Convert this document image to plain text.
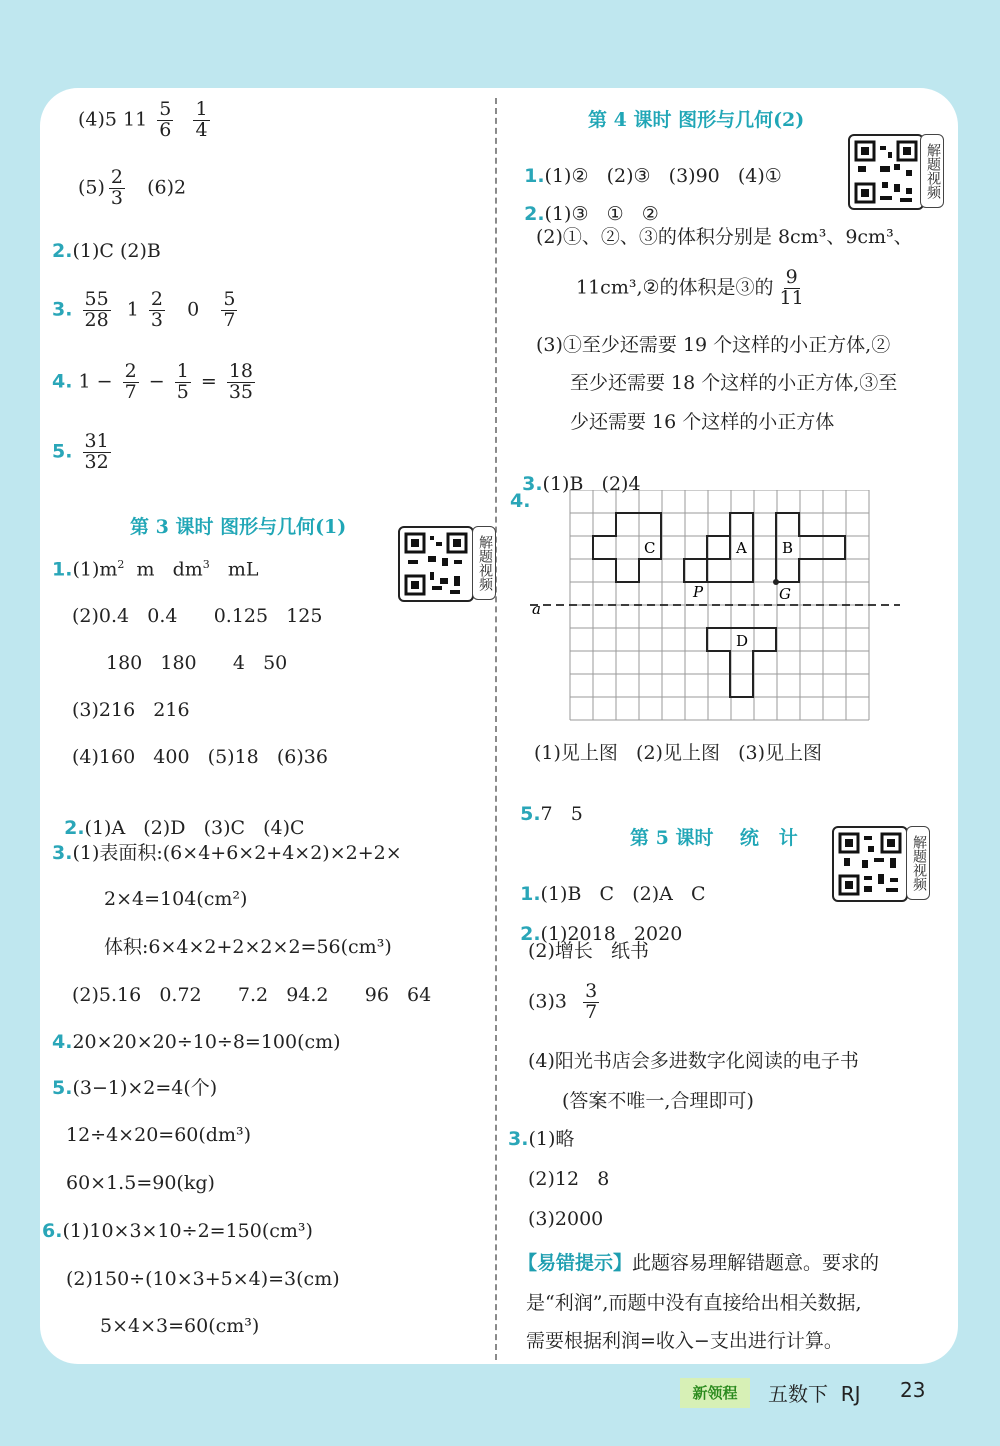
(4)5 $11 \frac{5}{6}$
$\frac{1}{4}$
$(5) \frac{2}{3} (6)2$
2.(1)C (2)B
3. $\frac{55}{28} 1 \frac{2}{3} 0 \frac{5}{7}$
4. $1 - \frac{2}{7} - \frac{1}{5} = \frac{18}{35}$
5. $\frac{31}{32}$
第 3 课时 图形与几何(1)
解题视频
$1.(1)m^2$  m   $dm^3$   mL
(2)0.4   0.4      0.125   125
180   180      4   50
(3)216   216
(4)160   400   (5)18   (6)36

2.(1)A   (2)D   (3)C   (4)C

3.(1)表面积:(6×4+6×2+4×2)×2+2×
2×4=104(cm²)
体积:6×4×2+2×2×2=56(cm³)
(2)5.16   0.72      7.2   94.2      96   64
4.20×20×20÷10÷8=100(cm)
5.(3−1)×2=4(个)
12÷4×20=60(dm³)
60×1.5=90(kg)
6.(1)10×3×10÷2=150(cm³)
(2)150÷(10×3+5×4)=3(cm)
5×4×3=60(cm³)
第 4 课时 图形与几何(2)
解题视频

1.(1)②   (2)③   (3)90   (4)①

2.(1)③   ①   ②

(2)①、②、③的体积分别是 8cm³、9cm³、
11cm³,②的体积是③的 $\frac{9}{11}$
(3)①至少还需要 19 个这样的小正方体,②
至少还需要 18 个这样的小正方体,③至
少还需要 16 个这样的小正方体

3.(1)B   (2)4

4.
C	A B
D
P	G
a
(1)见上图   (2)见上图   (3)见上图

5.7   5

第 5 课时    统   计	解题视频

1.(1)B   C   (2)A   C

2.(1)2018   2020

(2)增长   纸书
$(3)3 \frac{3}{7}$
(4)阳光书店会多进数字化阅读的电子书
(答案不唯一,合理即可)
3.(1)略
(2)12   8
(3)2000
【易错提示】此题容易理解错题意。要求的
是“利润”,而题中没有直接给出相关数据,
需要根据利润=收入−支出进行计算。
新领程	五数下  RJ 23
